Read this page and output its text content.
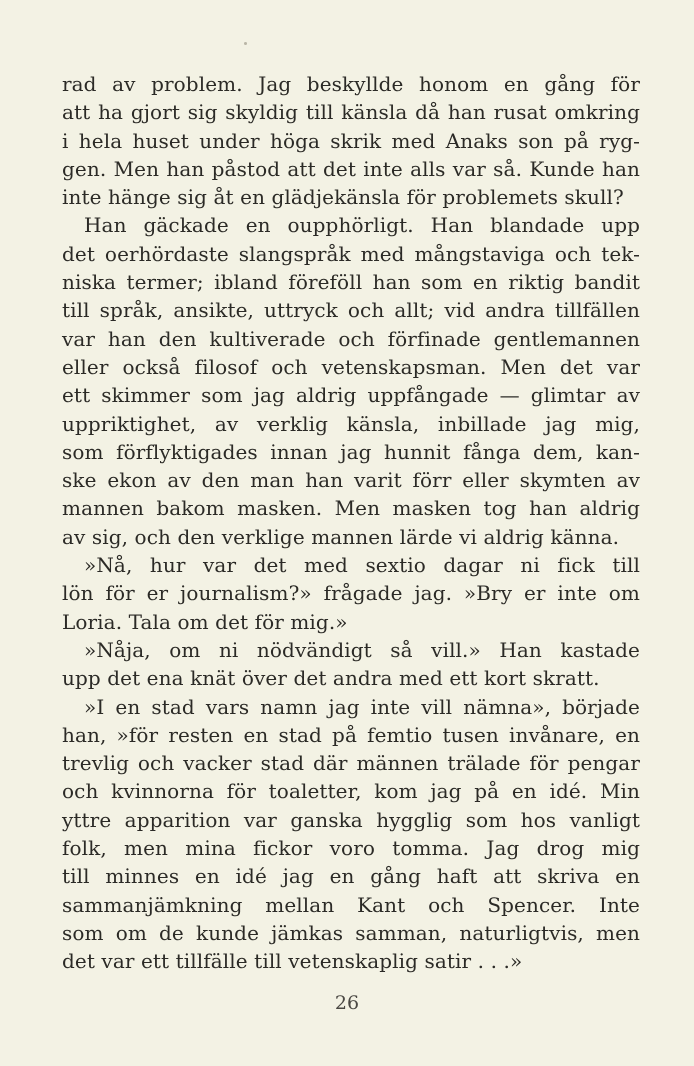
rad av problem. Jag beskyllde honom en gång för
att ha gjort sig skyldig till känsla då han rusat omkring
i hela huset under höga skrik med Anaks son på ryg-
gen. Men han påstod att det inte alls var så. Kunde han
inte hänge sig åt en glädjekänsla för problemets skull?
Han gäckade en oupphörligt. Han blandade upp
det oerhördaste slangspråk med mångstaviga och tek-
niska termer; ibland föreföll han som en riktig bandit
till språk, ansikte, uttryck och allt; vid andra tillfällen
var han den kultiverade och förfinade gentlemannen
eller också filosof och vetenskapsman. Men det var
ett skimmer som jag aldrig uppfångade — glimtar av
uppriktighet, av verklig känsla, inbillade jag mig,
som förflyktigades innan jag hunnit fånga dem, kan-
ske ekon av den man han varit förr eller skymten av
mannen bakom masken. Men masken tog han aldrig
av sig, och den verklige mannen lärde vi aldrig känna.
»Nå, hur var det med sextio dagar ni fick till
lön för er journalism?» frågade jag. »Bry er inte om
Loria. Tala om det för mig.»
»Nåja, om ni nödvändigt så vill.» Han kastade
upp det ena knät över det andra med ett kort skratt.
»I en stad vars namn jag inte vill nämna», började
han, »för resten en stad på femtio tusen invånare, en
trevlig och vacker stad där männen trälade för pengar
och kvinnorna för toaletter, kom jag på en idé. Min
yttre apparition var ganska hygglig som hos vanligt
folk, men mina fickor voro tomma. Jag drog mig
till minnes en idé jag en gång haft att skriva en
sammanjämkning mellan Kant och Spencer. Inte
som om de kunde jämkas samman, naturligtvis, men
det var ett tillfälle till vetenskaplig satir . . .»
26
